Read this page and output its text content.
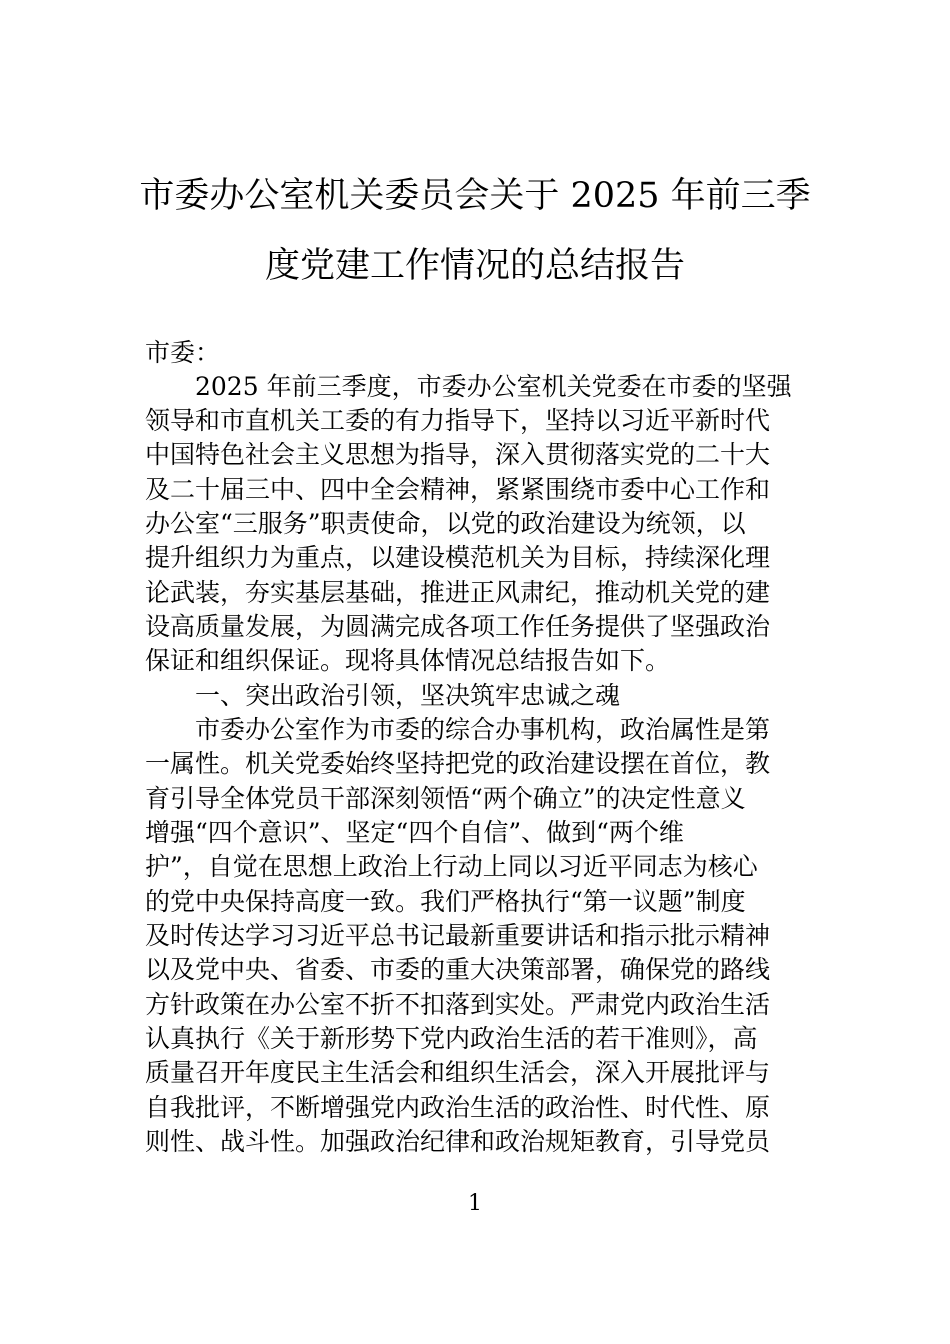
市委办公室机关委员会关于 2025 年前三季
度党建工作情况的总结报告
市委：
　　2025 年前三季度，市委办公室机关党委在市委的坚强
领导和市直机关工委的有力指导下，坚持以习近平新时代
中国特色社会主义思想为指导，深入贯彻落实党的二十大
及二十届三中、四中全会精神，紧紧围绕市委中心工作和
办公室“三服务”职责使命，以党的政治建设为统领，以
提升组织力为重点，以建设模范机关为目标，持续深化理
论武装，夯实基层基础，推进正风肃纪，推动机关党的建
设高质量发展，为圆满完成各项工作任务提供了坚强政治
保证和组织保证。现将具体情况总结报告如下。
　　一、突出政治引领，坚决筑牢忠诚之魂
　　市委办公室作为市委的综合办事机构，政治属性是第
一属性。机关党委始终坚持把党的政治建设摆在首位，教
育引导全体党员干部深刻领悟“两个确立”的决定性意义
增强“四个意识”、坚定“四个自信”、做到“两个维
护”，自觉在思想上政治上行动上同以习近平同志为核心
的党中央保持高度一致。我们严格执行“第一议题”制度
及时传达学习习近平总书记最新重要讲话和指示批示精神
以及党中央、省委、市委的重大决策部署，确保党的路线
方针政策在办公室不折不扣落到实处。严肃党内政治生活
认真执行《关于新形势下党内政治生活的若干准则》，高
质量召开年度民主生活会和组织生活会，深入开展批评与
自我批评，不断增强党内政治生活的政治性、时代性、原
则性、战斗性。加强政治纪律和政治规矩教育，引导党员
1
